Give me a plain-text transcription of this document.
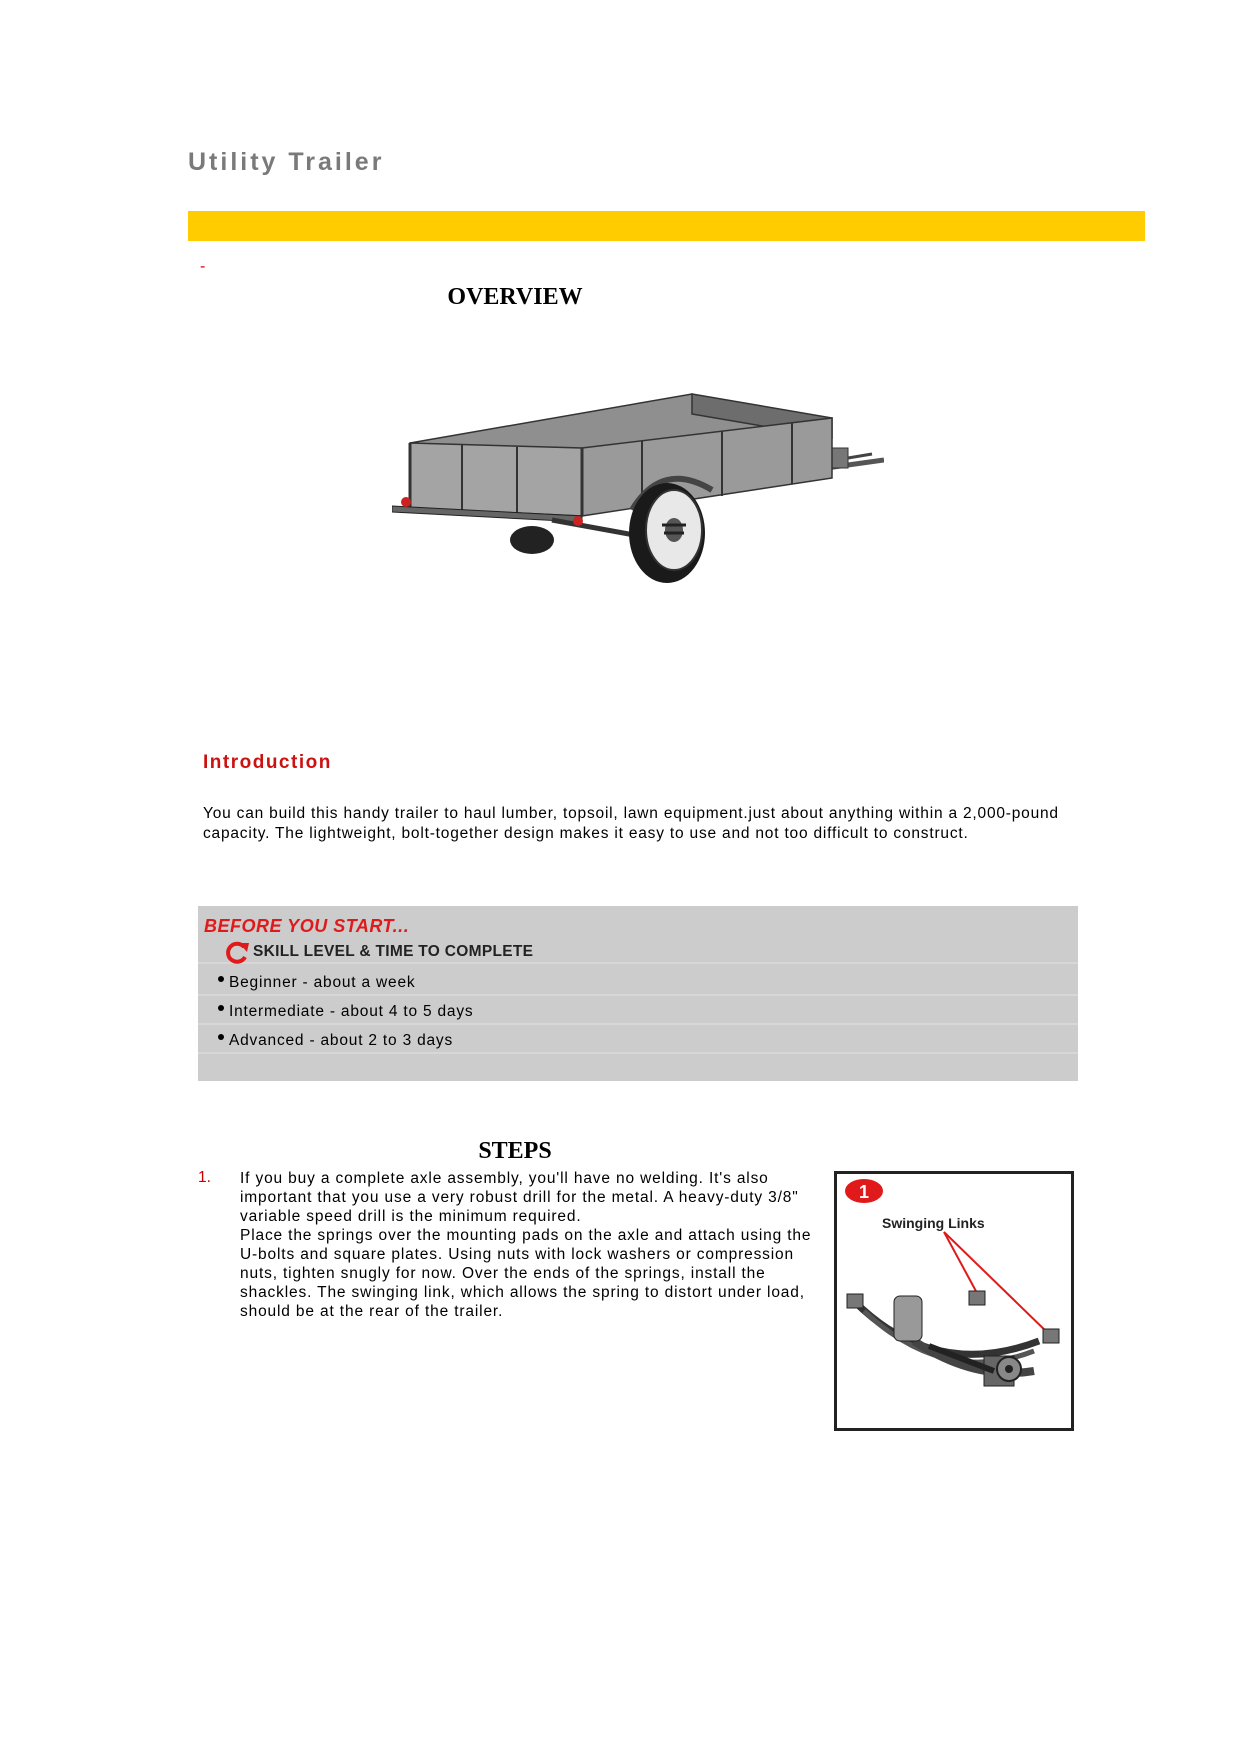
Utility Trailer
-
OVERVIEW
Introduction

You can build this handy trailer to haul lumber, topsoil, lawn equipment.just about anything within a 2,000-pound capacity. The lightweight, bolt-together design makes it easy to use and not too difficult to construct.

BEFORE YOU START...

SKILL LEVEL & TIME TO COMPLETE

Beginner - about a week
Intermediate - about 4 to 5 days
Advanced - about 2 to 3 days
STEPS
1. If you buy a complete axle assembly, you'll have no welding. It's also important that you use a very robust drill for the metal. A heavy-duty 3/8" variable speed drill is the minimum required.

Place the springs over the mounting pads on the axle and attach using the U-bolts and square plates. Using nuts with lock washers or compression nuts, tighten snugly for now. Over the ends of the springs, install the shackles. The swinging link, which allows the spring to distort under load, should be at the rear of the trailer.

1
Swinging Links
